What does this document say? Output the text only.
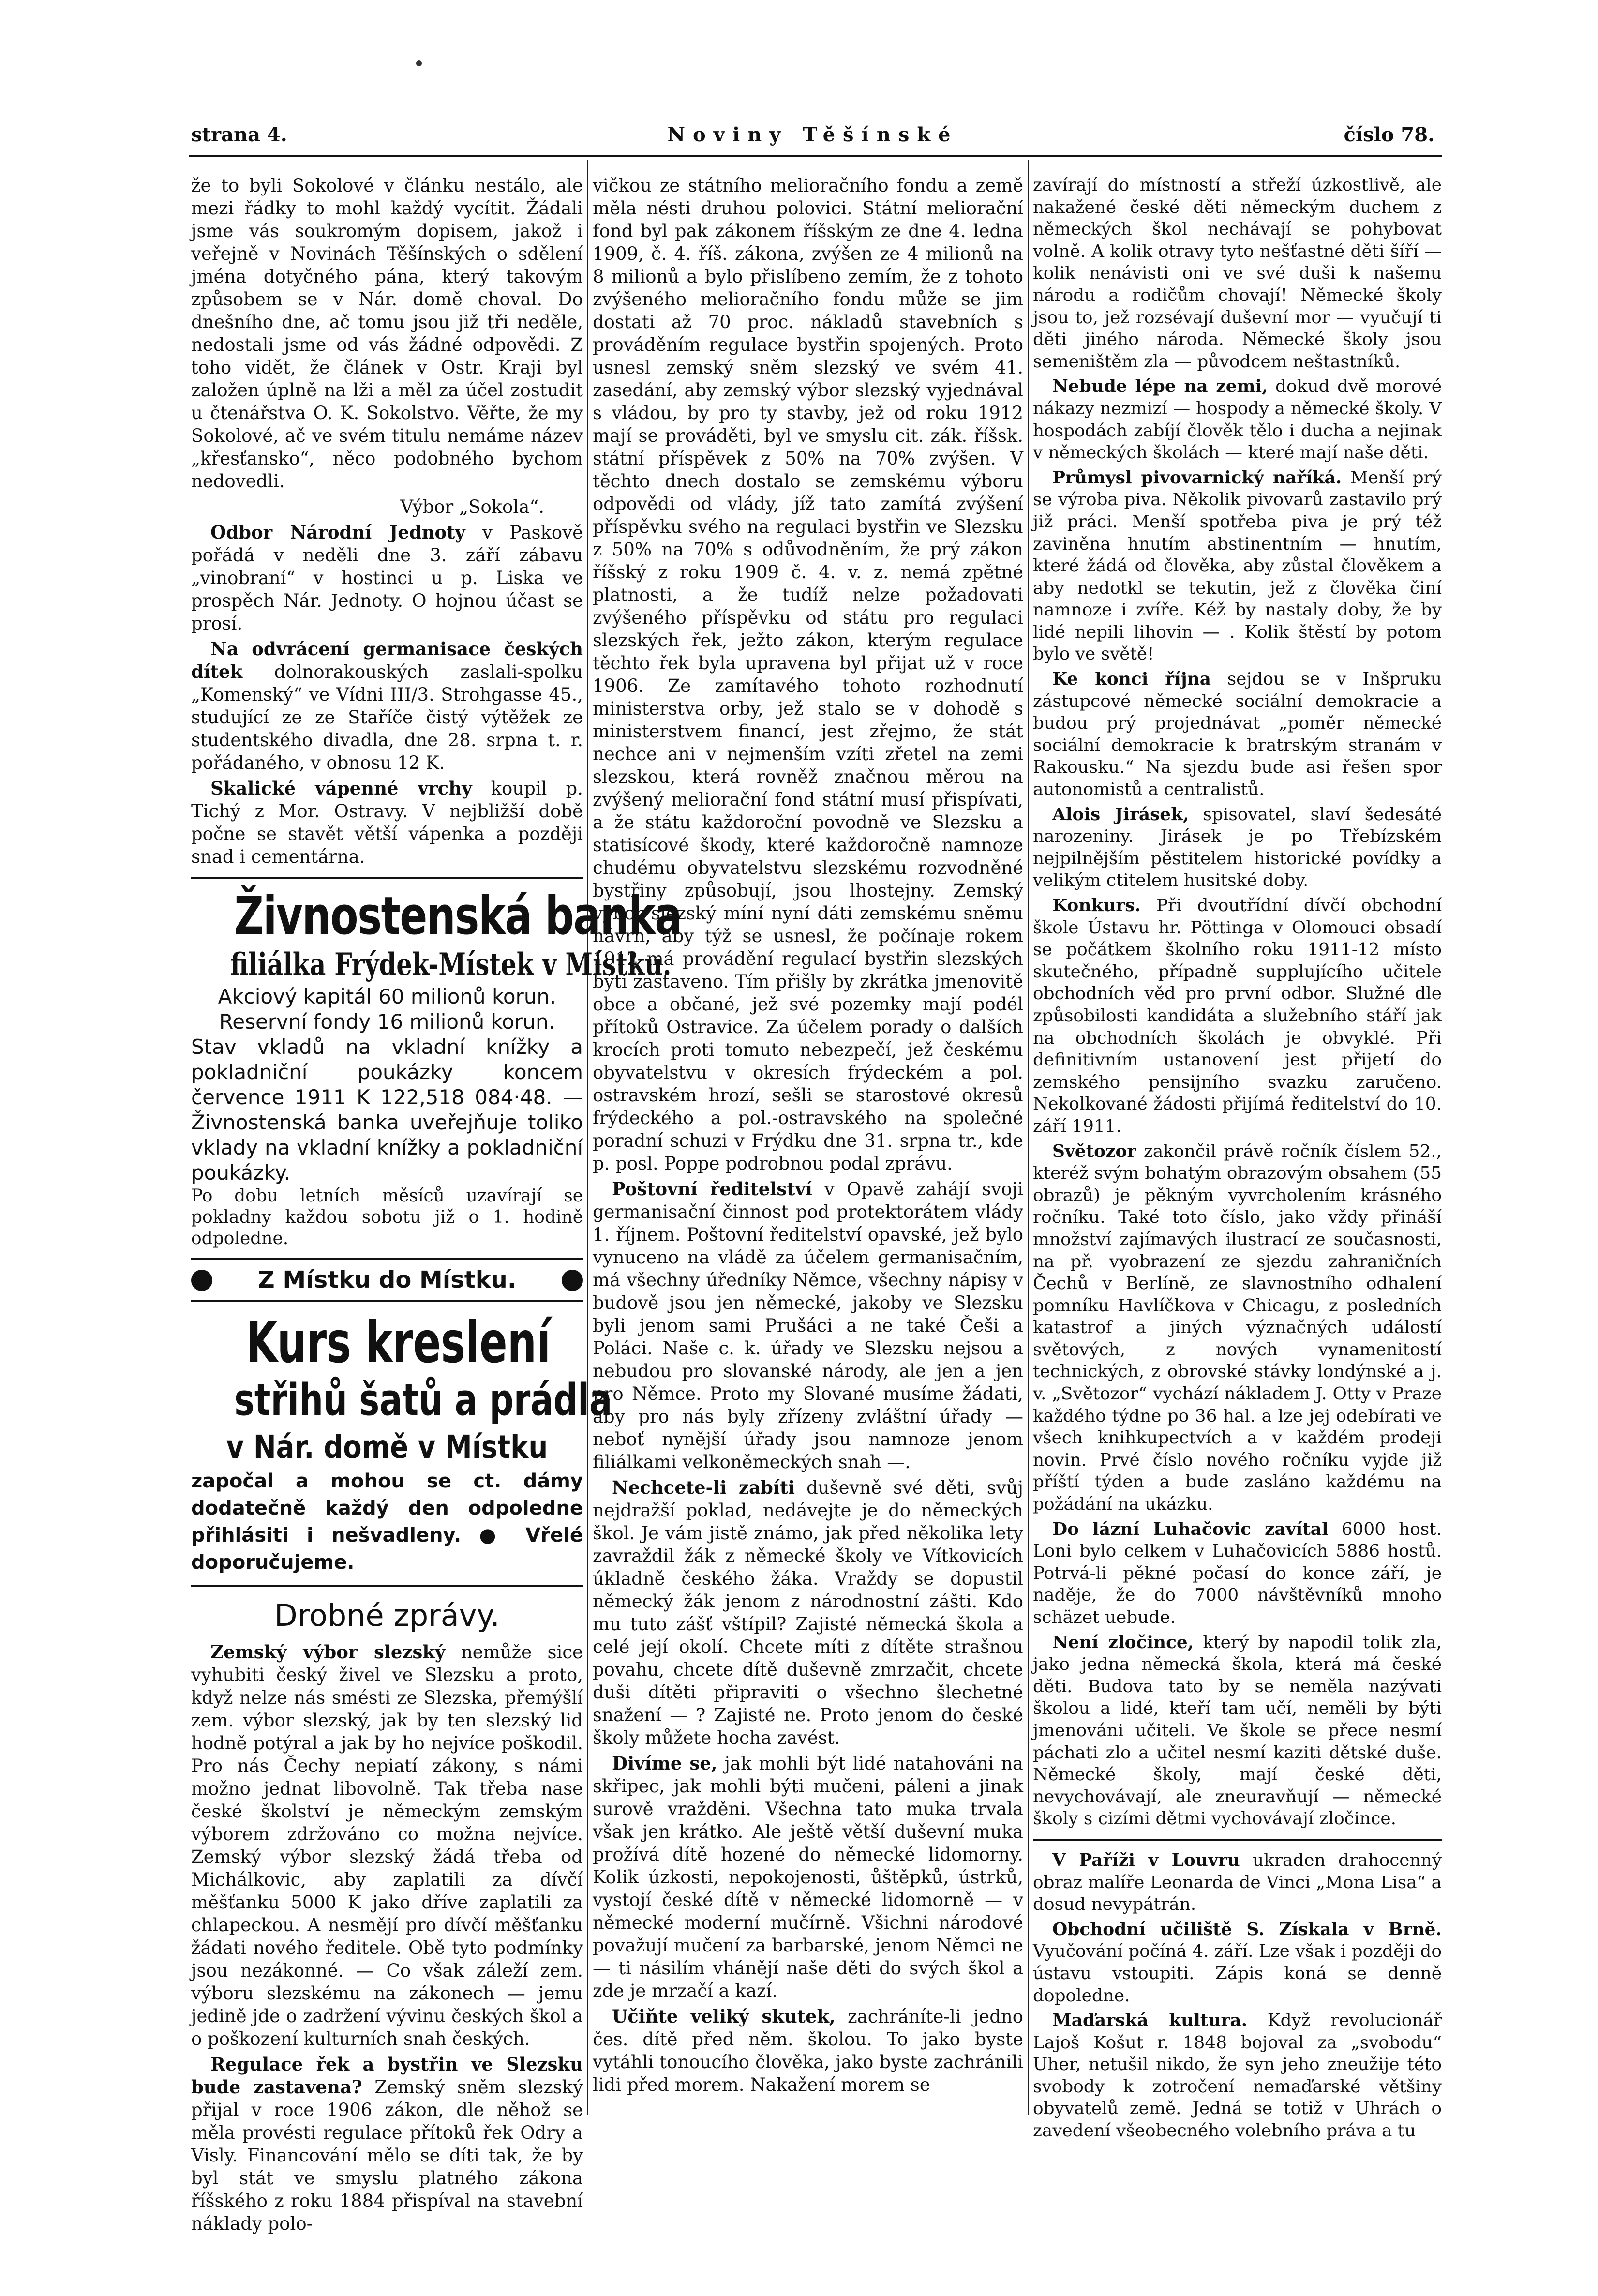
strana 4.	Noviny Těšínské	číslo 78.

že to byli Sokolové v článku nestálo, ale mezi řádky to mohl každý vycítit. Žádali jsme vás soukromým dopisem, jakož i veřejně v Novinách Těšínských o sdělení jména dotyčného pána, který takovým způsobem se v Nár. domě choval. Do dnešního dne, ač tomu jsou již tři neděle, nedostali jsme od vás žádné odpovědi. Z toho vidět, že článek v Ostr. Kraji byl založen úplně na lži a měl za účel zostudit u čtenářstva O. K. Sokolstvo. Věřte, že my Sokolové, ač ve svém titulu nemáme název „křesťansko“, něco podobného bychom nedovedli.

Výbor „Sokola“.

Odbor Národní Jednoty v Paskově pořádá v neděli dne 3. září zábavu „vinobraní“ v hostinci u p. Liska ve prospěch Nár. Jednoty. O hojnou účast se prosí.

Na odvrácení germanisace českých dítek dolnorakouských zaslali-spolku „Komenský“ ve Vídni III/3. Strohgasse 45., studující ze ze Staříče čistý výtěžek ze studentského divadla, dne 28. srpna t. r. pořádaného, v obnosu 12 K.

Skalické vápenné vrchy koupil p. Tichý z Mor. Ostravy. V nejbližší době počne se stavět větší vápenka a později snad i cementárna.

Živnostenská banka
filiálka Frýdek-Místek v Místku.
Akciový kapitál 60 milionů korun.
Reservní fondy 16 milionů korun.
Stav vkladů na vkladní knížky a pokladniční poukázky koncem července 1911 K 122,518 084·48. — Živnostenská banka uveřejňuje toliko vklady na vkladní knížky a pokladniční poukázky.
Po dobu letních měsíců uzavírají se pokladny každou sobotu již o 1. hodině odpoledne.
Z Místku do Místku.
Kurs kreslení
střihů šatů a prádla
v Nár. domě v Místku
započal a mohou se ct. dámy dodatečně každý den odpoledne přihlásiti i nešvadleny. ● Vřelé doporučujeme.
Drobné zprávy.

Zemský výbor slezský nemůže sice vyhubiti český živel ve Slezsku a proto, když nelze nás smésti ze Slezska, přemýšlí zem. výbor slezský, jak by ten slezský lid hodně potýral a jak by ho nejvíce poškodil. Pro nás Čechy nepiatí zákony, s námi možno jednat libovolně. Tak třeba nase české školství je německým zemským výborem zdržováno co možna nejvíce. Zemský výbor slezský žádá třeba od Michálkovic, aby zaplatili za dívčí měšťanku 5000 K jako dříve zaplatili za chlapeckou. A nesmějí pro dívčí měšťanku žádati nového ředitele. Obě tyto podmínky jsou nezákonné. — Co však záleží zem. výboru slezskému na zákonech — jemu jedině jde o zadržení vývinu českých škol a o poškození kulturních snah českých.

Regulace řek a bystřin ve Slezsku bude zastavena? Zemský sněm slezský přijal v roce 1906 zákon, dle něhož se měla provésti regulace přítoků řek Odry a Visly. Financování mělo se díti tak, že by byl stát ve smyslu platného zákona říšského z roku 1884 přispíval na stavební náklady polo-

vičkou ze státního melioračního fondu a země měla nésti druhou polovici. Státní meliorační fond byl pak zákonem říšským ze dne 4. ledna 1909, č. 4. říš. zákona, zvýšen ze 4 milionů na 8 milionů a bylo přislíbeno zemím, že z tohoto zvýšeného melioračního fondu může se jim dostati až 70 proc. nákladů stavebních s prováděním regulace bystřin spojených. Proto usnesl zemský sněm slezský ve svém 41. zasedání, aby zemský výbor slezský vyjednával s vládou, by pro ty stavby, jež od roku 1912 mají se prováděti, byl ve smyslu cit. zák. říšsk. státní příspěvek z 50% na 70% zvýšen. V těchto dnech dostalo se zemskému výboru odpovědi od vlády, jíž tato zamítá zvýšení příspěvku svého na regulaci bystřin ve Slezsku z 50% na 70% s odůvodněním, že prý zákon říšský z roku 1909 č. 4. v. z. nemá zpětné platnosti, a že tudíž nelze požadovati zvýšeného příspěvku od státu pro regulaci slezských řek, ježto zákon, kterým regulace těchto řek byla upravena byl přijat už v roce 1906. Ze zamítavého tohoto rozhodnutí ministerstva orby, jež stalo se v dohodě s ministerstvem financí, jest zřejmo, že stát nechce ani v nejmenším vzíti zřetel na zemi slezskou, která rovněž značnou měrou na zvýšený meliorační fond státní musí přispívati, a že státu každoroční povodně ve Slezsku a statisícové škody, které každoročně namnoze chudému obyvatelstvu slezskému rozvodněné bystřiny způsobují, jsou lhostejny. Zemský výbor slezský míní nyní dáti zemskému sněmu návrh, aby týž se usnesl, že počínaje rokem 1912 má provádění regulací bystřin slezských býti zastaveno. Tím přišly by zkrátka jmenovitě obce a občané, jež své pozemky mají podél přítoků Ostravice. Za účelem porady o dalších krocích proti tomuto nebezpečí, jež českému obyvatelstvu v okresích frýdeckém a pol. ostravském hrozí, sešli se starostové okresů frýdeckého a pol.-ostravského na společné poradní schuzi v Frýdku dne 31. srpna tr., kde p. posl. Poppe podrobnou podal zprávu.

Poštovní ředitelství v Opavě zahájí svoji germanisační činnost pod protektorátem vlády 1. říjnem. Poštovní ředitelství opavské, jež bylo vynuceno na vládě za účelem germanisačním, má všechny úředníky Němce, všechny nápisy v budově jsou jen německé, jakoby ve Slezsku byli jenom sami Prušáci a ne také Češi a Poláci. Naše c. k. úřady ve Slezsku nejsou a nebudou pro slovanské národy, ale jen a jen pro Němce. Proto my Slované musíme žádati, aby pro nás byly zřízeny zvláštní úřady — neboť nynější úřady jsou namnoze jenom filiálkami velkoněmeckých snah —.

Nechcete-li zabíti duševně své děti, svůj nejdražší poklad, nedávejte je do německých škol. Je vám jistě známo, jak před několika lety zavraždil žák z německé školy ve Vítkovicích úkladně českého žáka. Vraždy se dopustil německý žák jenom z národnostní zášti. Kdo mu tuto zášť vštípil? Zajisté německá škola a celé její okolí. Chcete míti z dítěte strašnou povahu, chcete dítě duševně zmrzačit, chcete duši dítěti připraviti o všechno šlechetné snažení — ? Zajisté ne. Proto jenom do české školy můžete hocha zavést.

Divíme se, jak mohli být lidé natahováni na skřipec, jak mohli býti mučeni, páleni a jinak surově vražděni. Všechna tato muka trvala však jen krátko. Ale ještě větší duševní muka prožívá dítě hozené do německé lidomorny. Kolik úzkosti, nepokojenosti, ůštěpků, ústrků, vystojí české dítě v německé lidomorně — v německé moderní mučírně. Všichni národové považují mučení za barbarské, jenom Němci ne — ti násilím vhánějí naše děti do svých škol a zde je mrzačí a kazí.

Učiňte veliký skutek, zachráníte-li jedno čes. dítě před něm. školou. To jako byste vytáhli tonoucího člověka, jako byste zachránili lidi před morem. Nakažení morem se

zavírají do místností a střeží úzkostlivě, ale nakažené české děti německým duchem z německých škol nechávají se pohybovat volně. A kolik otravy tyto nešťastné děti šíří — kolik nenávisti oni ve své duši k našemu národu a rodičům chovají! Německé školy jsou to, jež rozsévají duševní mor — vyučují ti děti jiného národa. Německé školy jsou semeništěm zla — původcem neštastníků.

Nebude lépe na zemi, dokud dvě morové nákazy nezmizí — hospody a německé školy. V hospodách zabíjí člověk tělo i ducha a nejinak v německých školách — které mají naše děti.

Průmysl pivovarnický naříká. Menší prý se výroba piva. Několik pivovarů zastavilo prý již práci. Menší spotřeba piva je prý též zaviněna hnutím abstinentním — hnutím, které žádá od člověka, aby zůstal člověkem a aby nedotkl se tekutin, jež z člověka činí namnoze i zvíře. Kéž by nastaly doby, že by lidé nepili lihovin — . Kolik štěstí by potom bylo ve světě!

Ke konci října sejdou se v Inšpruku zástupcové německé sociální demokracie a budou prý projednávat „poměr německé sociální demokracie k bratrským stranám v Rakousku.“ Na sjezdu bude asi řešen spor autonomistů a centralistů.

Alois Jirásek, spisovatel, slaví šedesáté narozeniny. Jirásek je po Třebízském nejpilnějším pěstitelem historické povídky a velikým ctitelem husitské doby.

Konkurs. Při dvoutřídní dívčí obchodní škole Ústavu hr. Pöttinga v Olomouci obsadí se počátkem školního roku 1911-12 místo skutečného, případně supplujícího učitele obchodních věd pro první odbor. Služné dle způsobilosti kandidáta a služebního stáří jak na obchodních školách je obvyklé. Při definitivním ustanovení jest přijetí do zemského pensijního svazku zaručeno. Nekolkované žádosti přijímá ředitelství do 10. září 1911.

Světozor zakončil právě ročník číslem 52., kteréž svým bohatým obrazovým obsahem (55 obrazů) je pěkným vyvrcholením krásného ročníku. Také toto číslo, jako vždy přináší množství zajímavých ilustrací ze současnosti, na př. vyobrazení ze sjezdu zahraničních Čechů v Berlíně, ze slavnostního odhalení pomníku Havlíčkova v Chicagu, z posledních katastrof a jiných význačných událostí světových, z nových vynamenitostí technických, z obrovské stávky londýnské a j. v. „Světozor“ vychází nákladem J. Otty v Praze každého týdne po 36 hal. a lze jej odebírati ve všech knihkupectvích a v každém prodeji novin. Prvé číslo nového ročníku vyjde již příští týden a bude zasláno každému na požádání na ukázku.

Do lázní Luhačovic zavítal 6000 host. Loni bylo celkem v Luhačovicích 5886 hostů. Potrvá-li pěkné počasí do konce září, je naděje, že do 7000 návštěvníků mnoho schäzet uebude.

Není zločince, který by napodil tolik zla, jako jedna německá škola, která má české děti. Budova tato by se neměla nazývati školou a lidé, kteří tam učí, neměli by býti jmenováni učiteli. Ve škole se přece nesmí páchati zlo a učitel nesmí kaziti dětské duše. Německé školy, mají české děti, nevychovávají, ale zneuravňují — německé školy s cizími dětmi vychovávají zločince.

V Paříži v Louvru ukraden drahocenný obraz malíře Leonarda de Vinci „Mona Lisa“ a dosud nevypátrán.

Obchodní učiliště S. Získala v Brně. Vyučování počíná 4. září. Lze však i později do ústavu vstoupiti. Zápis koná se denně dopoledne.

Maďarská kultura. Když revolucionář Lajoš Košut r. 1848 bojoval za „svobodu“ Uher, netušil nikdo, že syn jeho zneužije této svobody k zotročení nemaďarské většiny obyvatelů země. Jedná se totiž v Uhrách o zavedení všeobecného volebního práva a tu
